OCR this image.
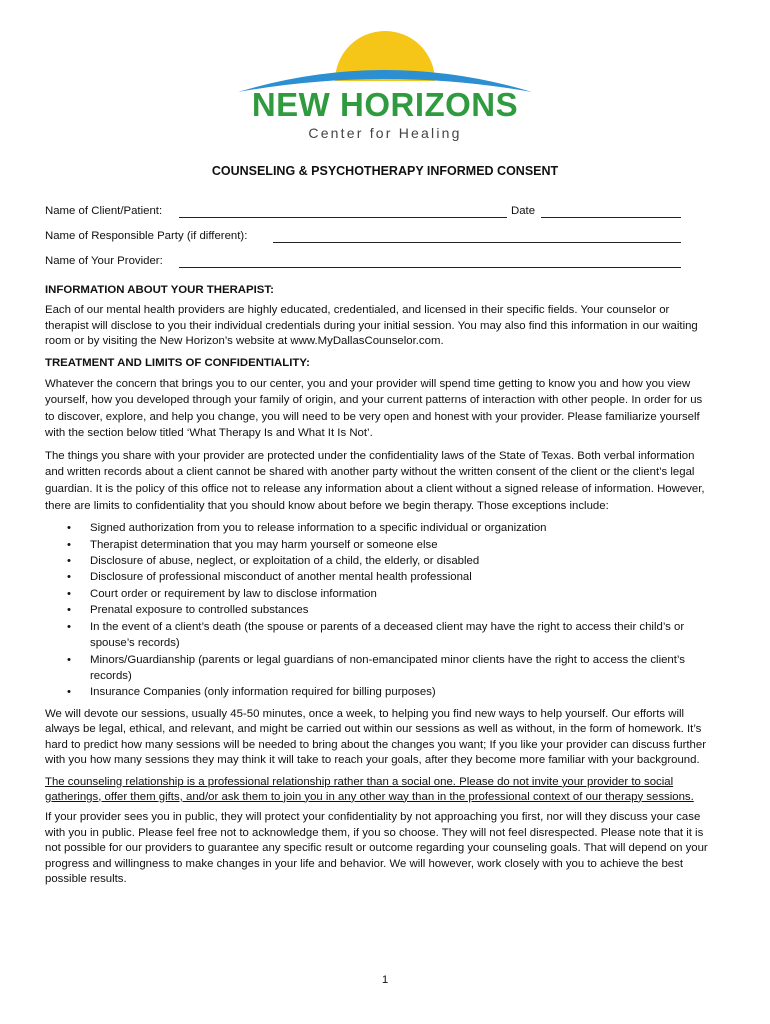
NEW HORIZONS
Center for Healing
COUNSELING & PSYCHOTHERAPY INFORMED CONSENT
Name of Client/Patient:	Date
Name of Responsible Party (if different):
Name of Your Provider:
INFORMATION ABOUT YOUR THERAPIST:
Each of our mental health providers are highly educated, credentialed, and licensed in their specific fields. Your counselor or therapist will disclose to you their individual credentials during your initial session. You may also find this information in our waiting room or by visiting the New Horizon’s website at www.MyDallasCounselor.com.
TREATMENT AND LIMITS OF CONFIDENTIALITY:
Whatever the concern that brings you to our center, you and your provider will spend time getting to know you and how you view yourself, how you developed through your family of origin, and your current patterns of interaction with other people. In order for us to discover, explore, and help you change, you will need to be very open and honest with your provider. Please familiarize yourself with the section below titled ‘What Therapy Is and What It Is Not’.
The things you share with your provider are protected under the confidentiality laws of the State of Texas. Both verbal information and written records about a client cannot be shared with another party without the written consent of the client or the client’s legal guardian. It is the policy of this office not to release any information about a client without a signed release of information. However, there are limits to confidentiality that you should know about before we begin therapy. Those exceptions include:
• Signed authorization from you to release information to a specific individual or organization
• Therapist determination that you may harm yourself or someone else
• Disclosure of abuse, neglect, or exploitation of a child, the elderly, or disabled
• Disclosure of professional misconduct of another mental health professional
• Court order or requirement by law to disclose information
• Prenatal exposure to controlled substances
• In the event of a client’s death (the spouse or parents of a deceased client may have the right to access their child’s or spouse’s records)
• Minors/Guardianship (parents or legal guardians of non-emancipated minor clients have the right to access the client’s records)
• Insurance Companies (only information required for billing purposes)
We will devote our sessions, usually 45-50 minutes, once a week, to helping you find new ways to help yourself. Our efforts will always be legal, ethical, and relevant, and might be carried out within our sessions as well as without, in the form of homework. It’s hard to predict how many sessions will be needed to bring about the changes you want; If you like your provider can discuss further with you how many sessions they may think it will take to reach your goals, after they become more familiar with your background.
The counseling relationship is a professional relationship rather than a social one. Please do not invite your provider to social gatherings, offer them gifts, and/or ask them to join you in any other way than in the professional context of our therapy sessions.
If your provider sees you in public, they will protect your confidentiality by not approaching you first, nor will they discuss your case with you in public. Please feel free not to acknowledge them, if you so choose. They will not feel disrespected. Please note that it is not possible for our providers to guarantee any specific result or outcome regarding your counseling goals. That will depend on your progress and willingness to make changes in your life and behavior. We will however, work closely with you to achieve the best possible results.
1
